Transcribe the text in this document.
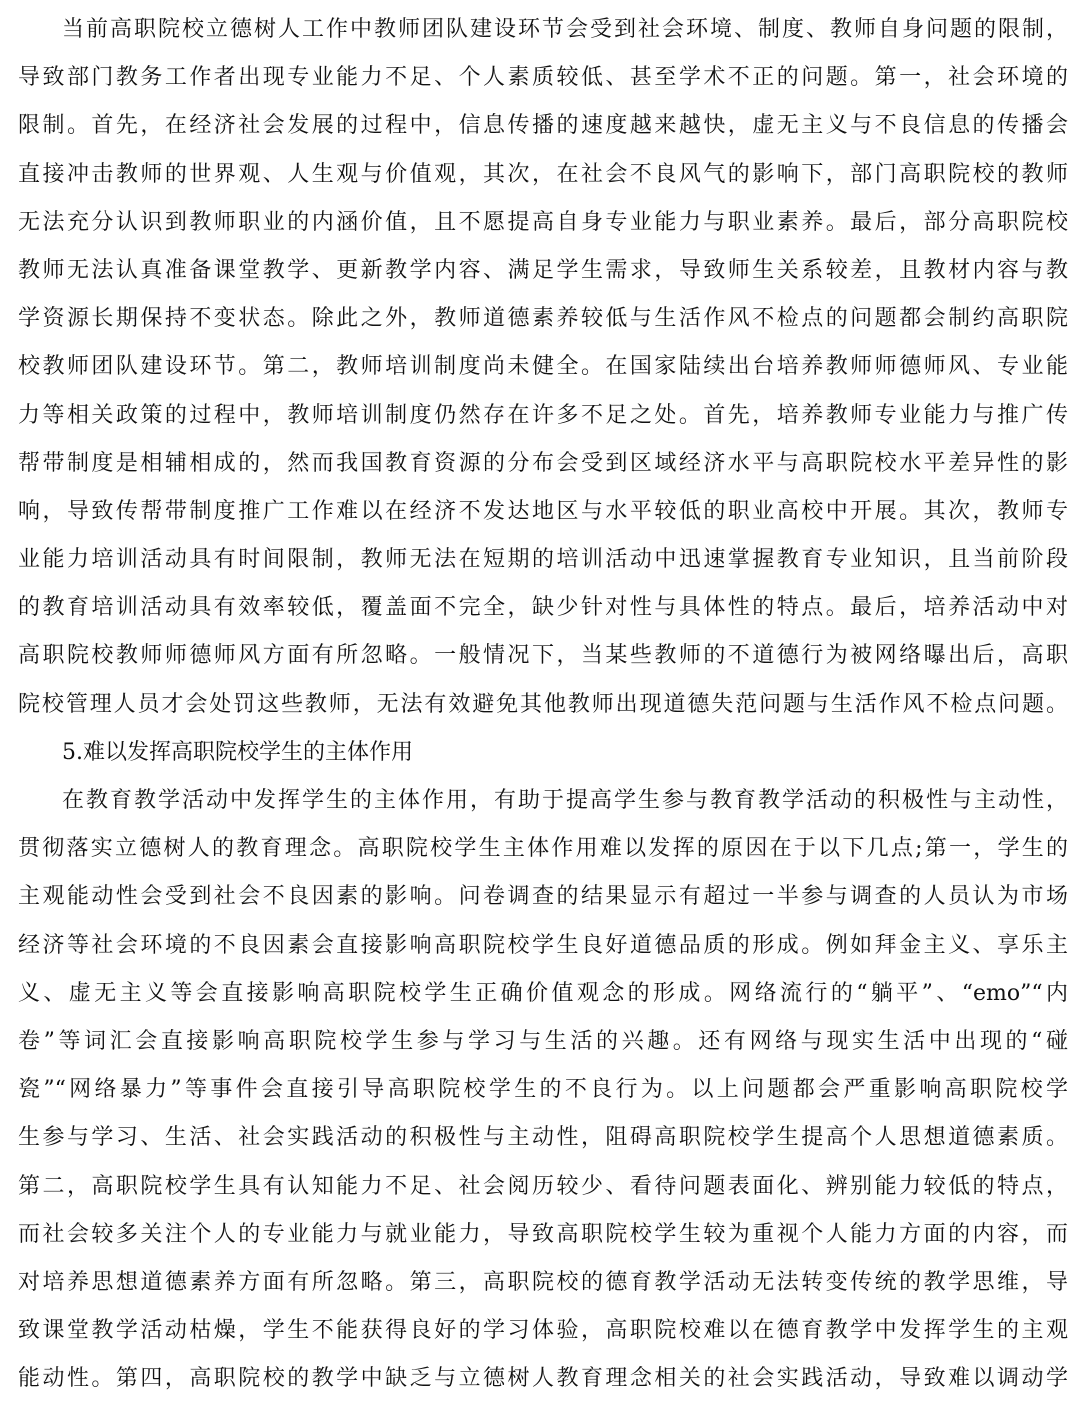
当前高职院校立德树人工作中教师团队建设环节会受到社会环境、制度、教师自身问题的限制，
导致部门教务工作者出现专业能力不足、个人素质较低、甚至学术不正的问题。第一，社会环境的
限制。首先，在经济社会发展的过程中，信息传播的速度越来越快，虚无主义与不良信息的传播会
直接冲击教师的世界观、人生观与价值观，其次，在社会不良风气的影响下，部门高职院校的教师
无法充分认识到教师职业的内涵价值，且不愿提高自身专业能力与职业素养。最后，部分高职院校
教师无法认真准备课堂教学、更新教学内容、满足学生需求，导致师生关系较差，且教材内容与教
学资源长期保持不变状态。除此之外，教师道德素养较低与生活作风不检点的问题都会制约高职院
校教师团队建设环节。第二，教师培训制度尚未健全。在国家陆续出台培养教师师德师风、专业能
力等相关政策的过程中，教师培训制度仍然存在许多不足之处。首先，培养教师专业能力与推广传
帮带制度是相辅相成的，然而我国教育资源的分布会受到区域经济水平与高职院校水平差异性的影
响，导致传帮带制度推广工作难以在经济不发达地区与水平较低的职业高校中开展。其次，教师专
业能力培训活动具有时间限制，教师无法在短期的培训活动中迅速掌握教育专业知识，且当前阶段
的教育培训活动具有效率较低，覆盖面不完全，缺少针对性与具体性的特点。最后，培养活动中对
高职院校教师师德师风方面有所忽略。一般情况下，当某些教师的不道德行为被网络曝出后，高职
院校管理人员才会处罚这些教师，无法有效避免其他教师出现道德失范问题与生活作风不检点问题。
5.难以发挥高职院校学生的主体作用
在教育教学活动中发挥学生的主体作用，有助于提高学生参与教育教学活动的积极性与主动性，
贯彻落实立德树人的教育理念。高职院校学生主体作用难以发挥的原因在于以下几点;第一，学生的
主观能动性会受到社会不良因素的影响。问卷调查的结果显示有超过一半参与调查的人员认为市场
经济等社会环境的不良因素会直接影响高职院校学生良好道德品质的形成。例如拜金主义、享乐主
义、虚无主义等会直接影响高职院校学生正确价值观念的形成。网络流行的“躺平”、“emo”“内
卷”等词汇会直接影响高职院校学生参与学习与生活的兴趣。还有网络与现实生活中出现的“碰
瓷”“网络暴力”等事件会直接引导高职院校学生的不良行为。以上问题都会严重影响高职院校学
生参与学习、生活、社会实践活动的积极性与主动性，阻碍高职院校学生提高个人思想道德素质。
第二，高职院校学生具有认知能力不足、社会阅历较少、看待问题表面化、辨别能力较低的特点，
而社会较多关注个人的专业能力与就业能力，导致高职院校学生较为重视个人能力方面的内容，而
对培养思想道德素养方面有所忽略。第三，高职院校的德育教学活动无法转变传统的教学思维，导
致课堂教学活动枯燥，学生不能获得良好的学习体验，高职院校难以在德育教学中发挥学生的主观
能动性。第四，高职院校的教学中缺乏与立德树人教育理念相关的社会实践活动，导致难以调动学
